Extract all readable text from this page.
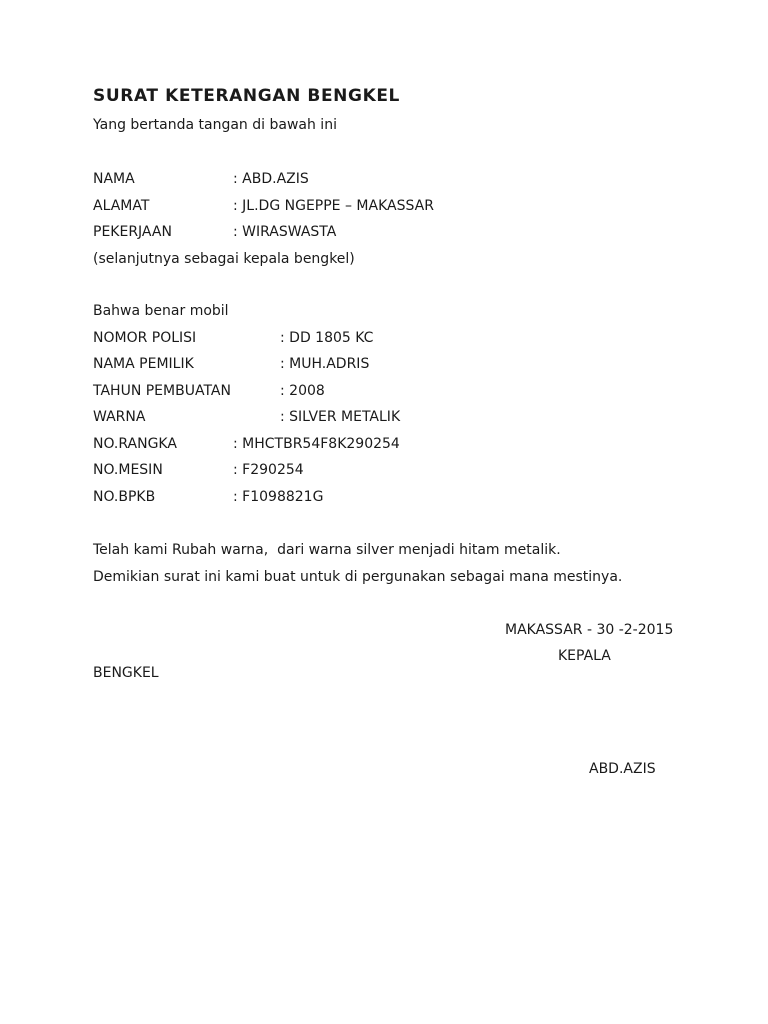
SURAT KETERANGAN BENGKEL
Yang bertanda tangan di bawah ini
NAMA	: ABD.AZIS
ALAMAT	: JL.DG NGEPPE – MAKASSAR
PEKERJAAN	: WIRASWASTA
(selanjutnya sebagai kepala bengkel)
Bahwa benar mobil
NOMOR POLISI	: DD 1805 KC
NAMA PEMILIK	: MUH.ADRIS
TAHUN PEMBUATAN	: 2008
WARNA	: SILVER METALIK
NO.RANGKA	: MHCTBR54F8K290254
NO.MESIN	: F290254
NO.BPKB	: F1098821G
Telah kami Rubah warna,  dari warna silver menjadi hitam metalik.
Demikian surat ini kami buat untuk di pergunakan sebagai mana mestinya.
MAKASSAR - 30 -2-2015
KEPALA
BENGKEL
ABD.AZIS
